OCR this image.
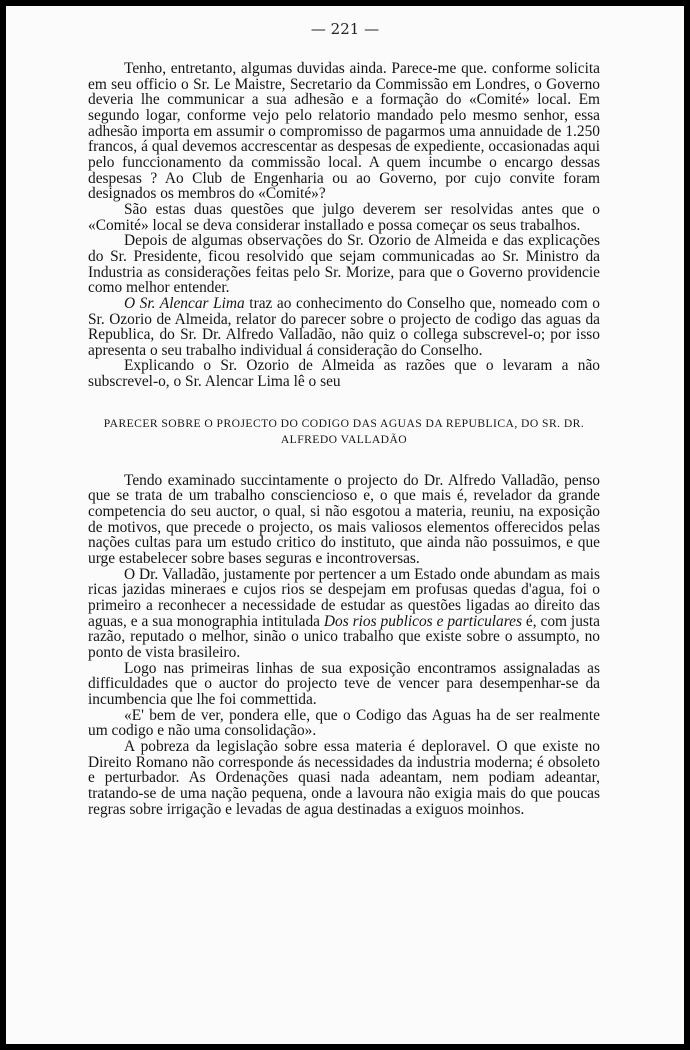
— 221 —

Tenho, entretanto, algumas duvidas ainda. Parece-me que. conforme solicita em seu officio o Sr. Le Maistre, Secretario da Commissão em Londres, o Governo deveria lhe communicar a sua adhesão e a formação do «Comité» local. Em segundo logar, conforme vejo pelo relatorio mandado pelo mesmo senhor, essa adhesão importa em assumir o compromisso de pagarmos uma annuidade de 1.250 francos, á qual devemos accrescentar as despesas de expediente, occasionadas aqui pelo funccionamento da commissão local. A quem incumbe o encargo dessas despesas ? Ao Club de Engenharia ou ao Governo, por cujo convite foram designados os membros do «Comité»?

São estas duas questões que julgo deverem ser resolvidas antes que o «Comité» local se deva considerar installado e possa começar os seus trabalhos.

Depois de algumas observações do Sr. Ozorio de Almeida e das explicações do Sr. Presidente, ficou resolvido que sejam communicadas ao Sr. Ministro da Industria as considerações feitas pelo Sr. Morize, para que o Governo providencie como melhor entender.

O Sr. Alencar Lima traz ao conhecimento do Conselho que, nomeado com o Sr. Ozorio de Almeida, relator do parecer sobre o projecto de codigo das aguas da Republica, do Sr. Dr. Alfredo Valladão, não quiz o collega subscrevel-o; por isso apresenta o seu trabalho individual á consideração do Conselho.

Explicando o Sr. Ozorio de Almeida as razões que o levaram a não subscrevel-o, o Sr. Alencar Lima lê o seu

PARECER SOBRE O PROJECTO DO CODIGO DAS AGUAS DA REPUBLICA, DO SR. DR. ALFREDO VALLADÃO

Tendo examinado succintamente o projecto do Dr. Alfredo Valladão, penso que se trata de um trabalho consciencioso e, o que mais é, revelador da grande competencia do seu auctor, o qual, si não esgotou a materia, reuniu, na exposição de motivos, que precede o projecto, os mais valiosos elementos offerecidos pelas nações cultas para um estudo critico do instituto, que ainda não possuimos, e que urge estabelecer sobre bases seguras e incontroversas.

O Dr. Valladão, justamente por pertencer a um Estado onde abundam as mais ricas jazidas mineraes e cujos rios se despejam em profusas quedas d'agua, foi o primeiro a reconhecer a necessidade de estudar as questões ligadas ao direito das aguas, e a sua monographia intitulada Dos rios publicos e particulares é, com justa razão, reputado o melhor, sinão o unico trabalho que existe sobre o assumpto, no ponto de vista brasileiro.

Logo nas primeiras linhas de sua exposição encontramos assignaladas as difficuldades que o auctor do projecto teve de vencer para desempenhar-se da incumbencia que lhe foi commettida.

«E' bem de ver, pondera elle, que o Codigo das Aguas ha de ser realmente um codigo e não uma consolidação».

A pobreza da legislação sobre essa materia é deploravel. O que existe no Direito Romano não corresponde ás necessidades da industria moderna; é obsoleto e perturbador. As Ordenações quasi nada adeantam, nem podiam adeantar, tratando-se de uma nação pequena, onde a lavoura não exigia mais do que poucas regras sobre irrigação e levadas de agua destinadas a exiguos moinhos.
